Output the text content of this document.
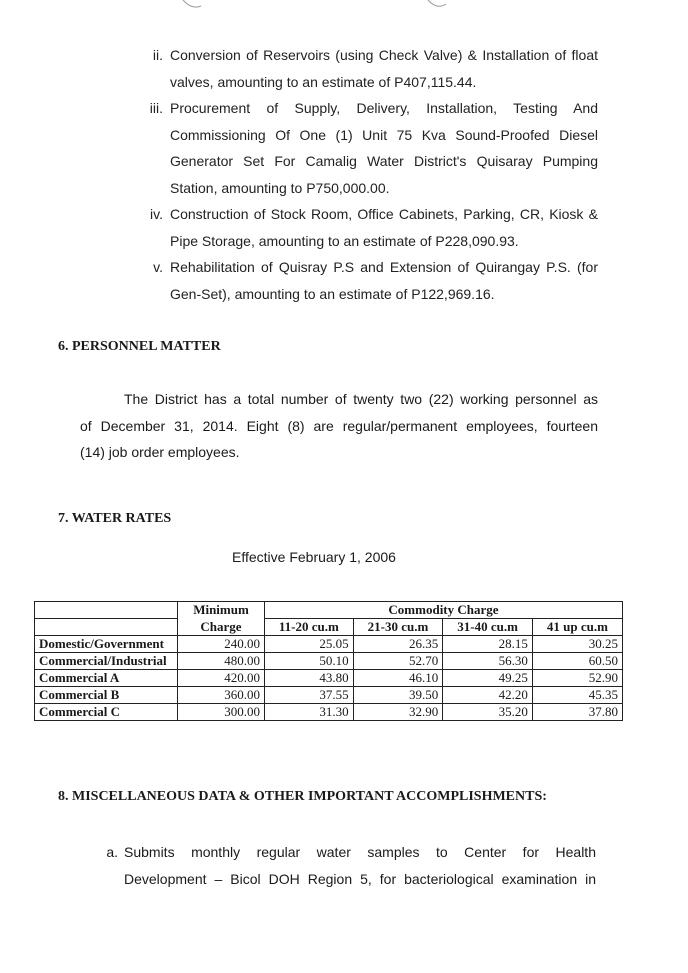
ii. Conversion of Reservoirs (using Check Valve) & Installation of float
valves, amounting to an estimate of P407,115.44.
iii. Procurement of Supply, Delivery, Installation, Testing And
Commissioning Of One (1) Unit 75 Kva Sound-Proofed Diesel
Generator Set For Camalig Water District's Quisaray Pumping
Station, amounting to P750,000.00.
iv. Construction of Stock Room, Office Cabinets, Parking, CR, Kiosk &
Pipe Storage, amounting to an estimate of P228,090.93.
v. Rehabilitation of Quisray P.S and Extension of Quirangay P.S. (for
Gen-Set), amounting to an estimate of P122,969.16.
6. PERSONNEL MATTER
The District has a total number of twenty two (22) working personnel as
of December 31, 2014. Eight (8) are regular/permanent employees, fourteen
(14) job order employees.
7. WATER RATES
Effective February 1, 2006
	Minimum	Commodity Charge			
	Charge	11-20 cu.m	21-30 cu.m	31-40 cu.m	41 up cu.m
Domestic/Government	240.00	25.05	26.35	28.15	30.25
Commercial/Industrial	480.00	50.10	52.70	56.30	60.50
Commercial A	420.00	43.80	46.10	49.25	52.90
Commercial B	360.00	37.55	39.50	42.20	45.35
Commercial C	300.00	31.30	32.90	35.20	37.80
8. MISCELLANEOUS DATA & OTHER IMPORTANT ACCOMPLISHMENTS:
a. Submits monthly regular water samples to Center for Health
Development – Bicol DOH Region 5, for bacteriological examination in
